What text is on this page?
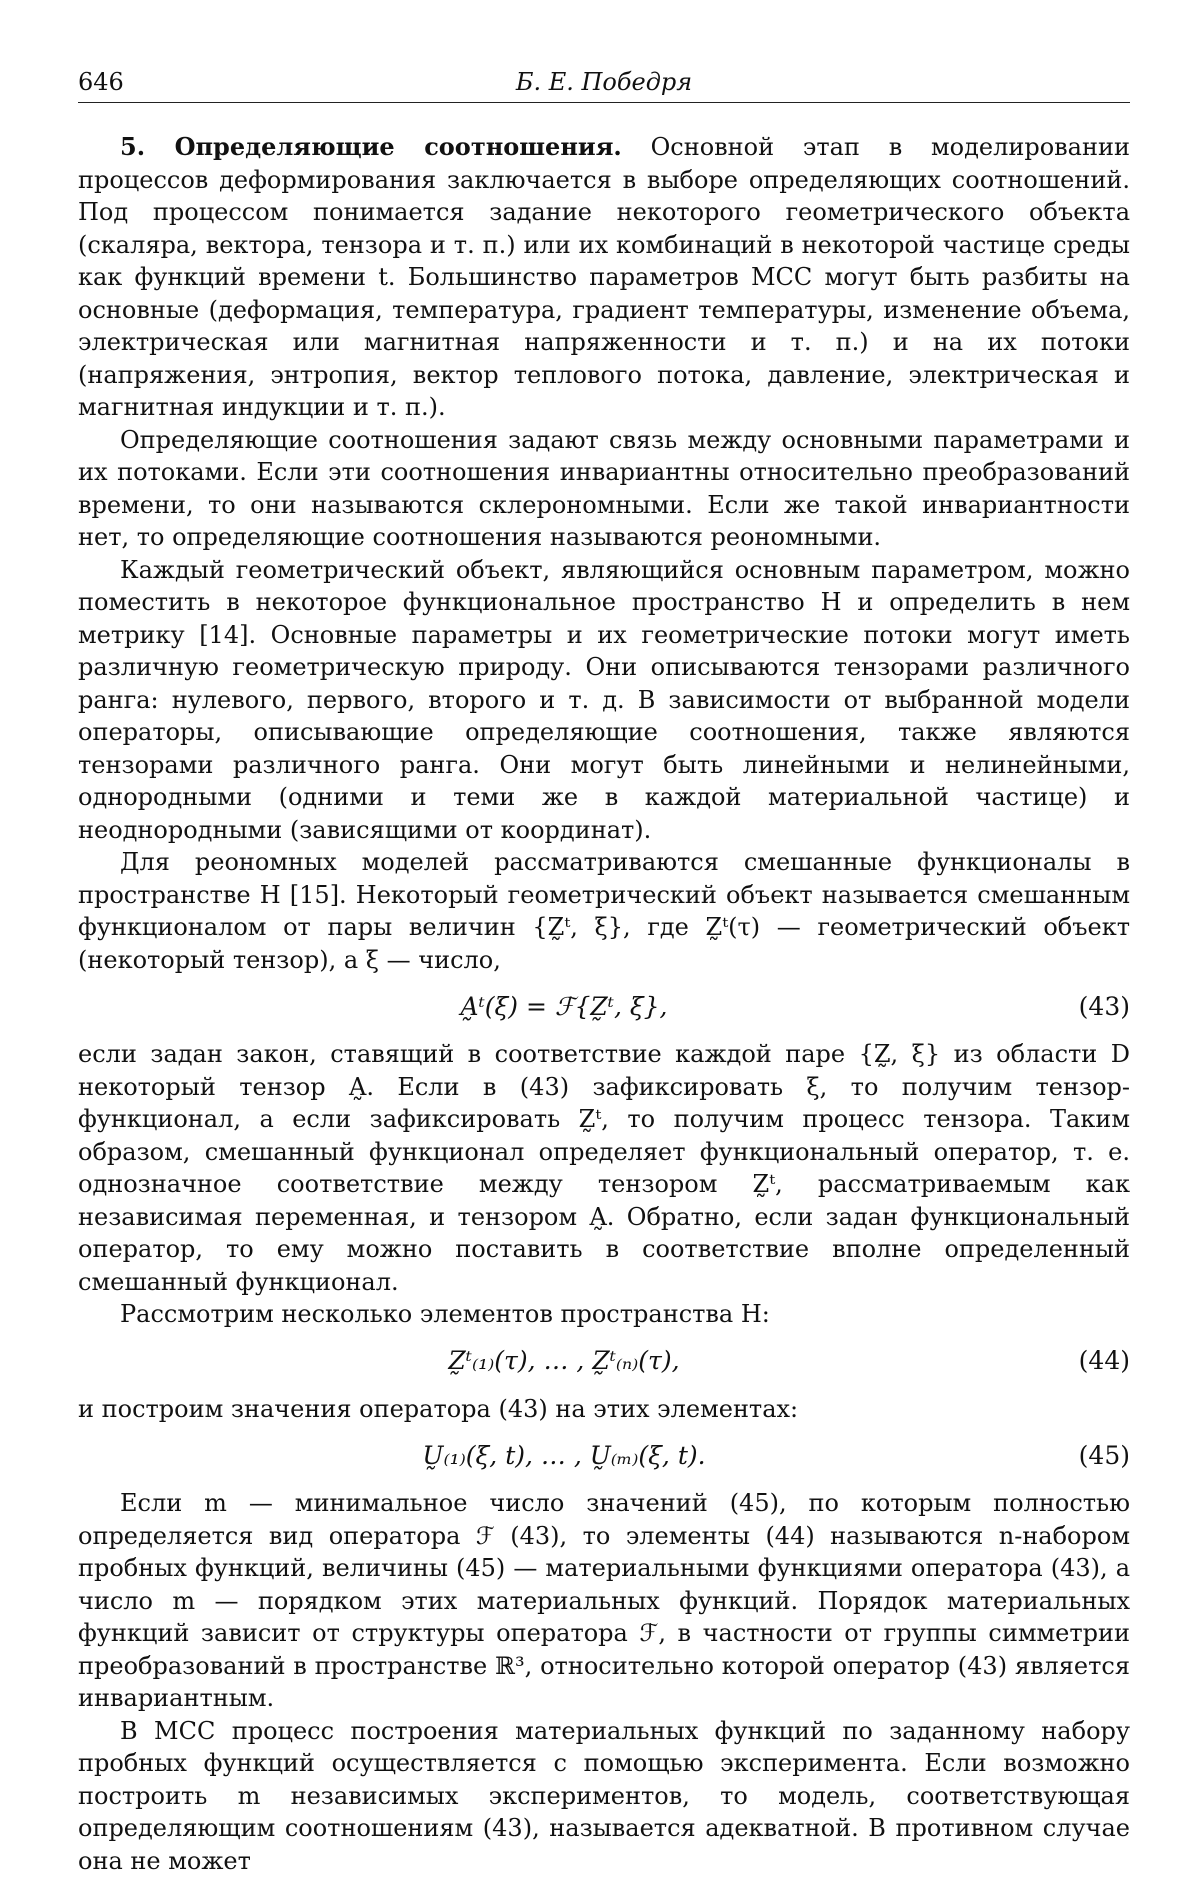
646	Б. Е. Победря

5. Определяющие соотношения. Основной этап в моделировании процессов деформирования заключается в выборе определяющих соотношений. Под процессом понимается задание некоторого геометрического объекта (скаляра, вектора, тензора и т. п.) или их комбинаций в некоторой частице среды как функций времени t. Большинство параметров МСС могут быть разбиты на основные (деформация, температура, градиент температуры, изменение объема, электрическая или магнитная напряженности и т. п.) и на их потоки (напряжения, энтропия, вектор теплового потока, давление, электрическая и магнитная индукции и т. п.).

Определяющие соотношения задают связь между основными параметрами и их потоками. Если эти соотношения инвариантны относительно преобразований времени, то они называются склерономными. Если же такой инвариантности нет, то определяющие соотношения называются реономными.

Каждый геометрический объект, являющийся основным параметром, можно поместить в некоторое функциональное пространство H и определить в нем метрику [14]. Основные параметры и их геометрические потоки могут иметь различную геометрическую природу. Они описываются тензорами различного ранга: нулевого, первого, второго и т. д. В зависимости от выбранной модели операторы, описывающие определяющие соотношения, также являются тензорами различного ранга. Они могут быть линейными и нелинейными, однородными (одними и теми же в каждой материальной частице) и неоднородными (зависящими от координат).

Для реономных моделей рассматриваются смешанные функционалы в пространстве H [15]. Некоторый геометрический объект называется смешанным функционалом от пары величин {Z̰ᵗ, ξ}, где Z̰ᵗ(τ) — геометрический объект (некоторый тензор), а ξ — число,

A̰ᵗ(ξ) = ℱ{Z̰ᵗ, ξ},	(43)

если задан закон, ставящий в соответствие каждой паре {Z̰, ξ} из области D некоторый тензор A̰. Если в (43) зафиксировать ξ, то получим тензор-функционал, а если зафиксировать Z̰ᵗ, то получим процесс тензора. Таким образом, смешанный функционал определяет функциональный оператор, т. е. однозначное соответствие между тензором Z̰ᵗ, рассматриваемым как независимая переменная, и тензором A̰. Обратно, если задан функциональный оператор, то ему можно поставить в соответствие вполне определенный смешанный функционал.

Рассмотрим несколько элементов пространства H:

Z̰ᵗ₍₁₎(τ), … , Z̰ᵗ₍ₙ₎(τ),	(44)

и построим значения оператора (43) на этих элементах:

Ṵ₍₁₎(ξ, t), … , Ṵ₍ₘ₎(ξ, t).	(45)

Если m — минимальное число значений (45), по которым полностью определяется вид оператора ℱ (43), то элементы (44) называются n-набором пробных функций, величины (45) — материальными функциями оператора (43), а число m — порядком этих материальных функций. Порядок материальных функций зависит от структуры оператора ℱ, в частности от группы симметрии преобразований в пространстве ℝ³, относительно которой оператор (43) является инвариантным.

В МСС процесс построения материальных функций по заданному набору пробных функций осуществляется с помощью эксперимента. Если возможно построить m независимых экспериментов, то модель, соответствующая определяющим соотношениям (43), называется адекватной. В противном случае она не может
